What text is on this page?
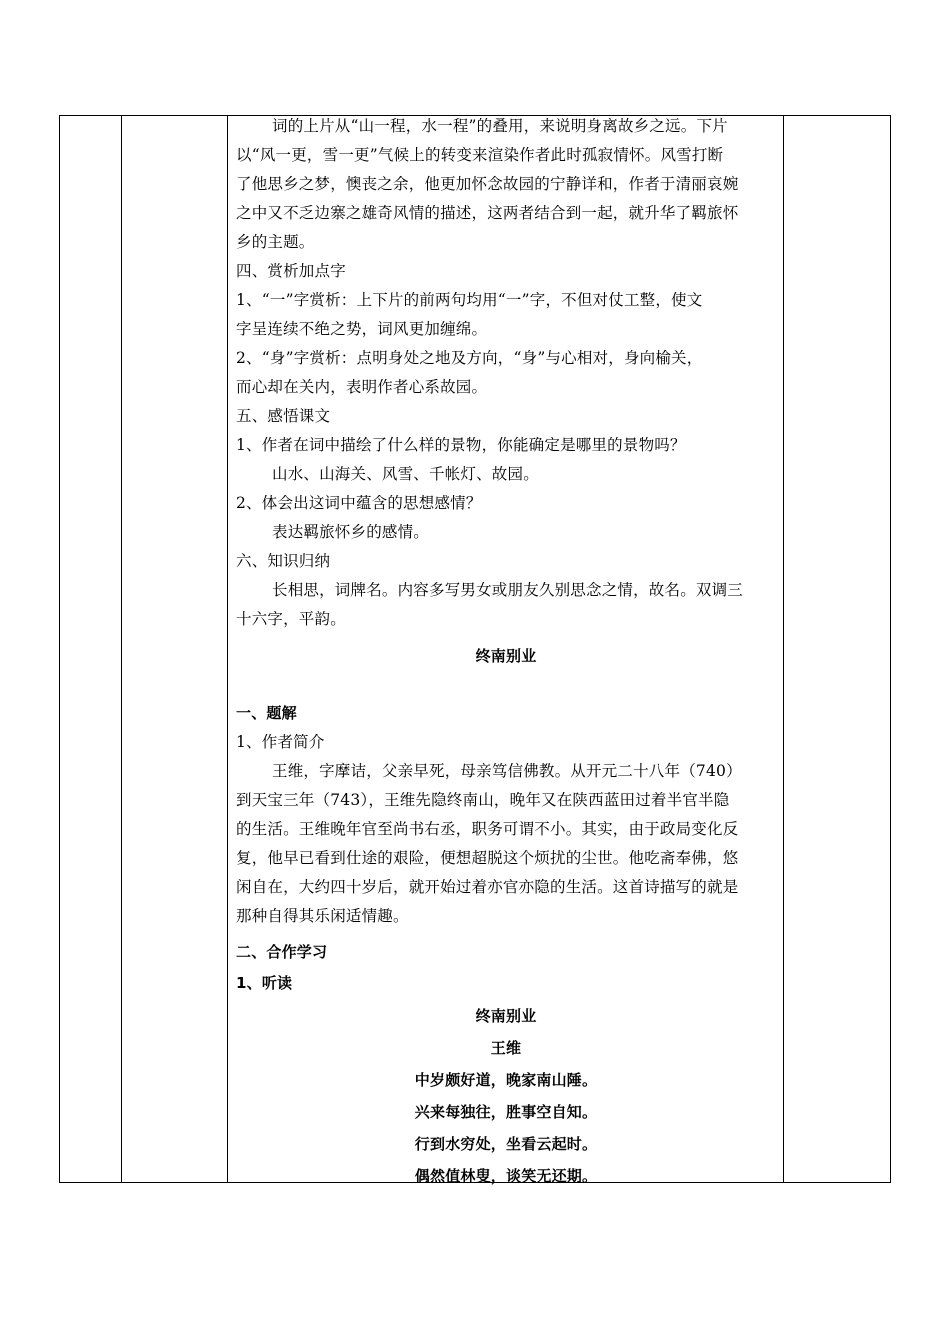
词的上片从“山一程，水一程”的叠用，来说明身离故乡之远。下片
以“风一更，雪一更”气候上的转变来渲染作者此时孤寂情怀。风雪打断
了他思乡之梦，懊丧之余，他更加怀念故园的宁静详和，作者于清丽哀婉
之中又不乏边寨之雄奇风情的描述，这两者结合到一起，就升华了羁旅怀
乡的主题。
四、赏析加点字
1、“一”字赏析：上下片的前两句均用“一”字，不但对仗工整，使文
字呈连续不绝之势，词风更加缠绵。
2、“身”字赏析：点明身处之地及方向，“身”与心相对，身向榆关，
而心却在关内，表明作者心系故园。
五、感悟课文
1、作者在词中描绘了什么样的景物，你能确定是哪里的景物吗？
山水、山海关、风雪、千帐灯、故园。
2、体会出这词中蕴含的思想感情？
表达羁旅怀乡的感情。
六、知识归纳
长相思，词牌名。内容多写男女或朋友久别思念之情，故名。双调三
十六字，平韵。
终南别业
一、题解
1、作者简介
王维，字摩诘，父亲早死，母亲笃信佛教。从开元二十八年（740）
到天宝三年（743），王维先隐终南山，晚年又在陕西蓝田过着半官半隐
的生活。王维晚年官至尚书右丞，职务可谓不小。其实，由于政局变化反
复，他早已看到仕途的艰险，便想超脱这个烦扰的尘世。他吃斋奉佛，悠
闲自在，大约四十岁后，就开始过着亦官亦隐的生活。这首诗描写的就是
那种自得其乐闲适情趣。
二、合作学习
1、听读
终南别业
王维
中岁颇好道，晚家南山陲。
兴来每独往，胜事空自知。
行到水穷处，坐看云起时。
偶然值林叟，谈笑无还期。
